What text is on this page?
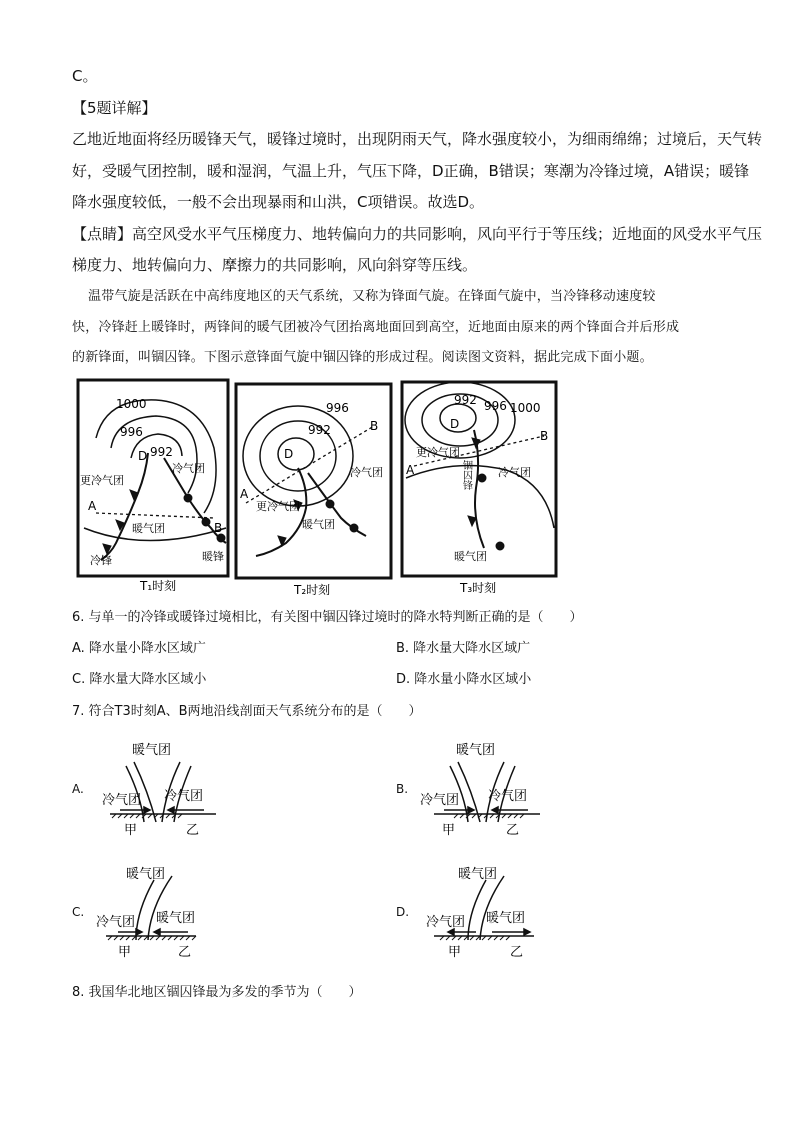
C。
【5题详解】
乙地近地面将经历暖锋天气，暖锋过境时，出现阴雨天气，降水强度较小，为细雨绵绵；过境后，天气转
好，受暖气团控制，暖和湿润，气温上升，气压下降，D正确，B错误；寒潮为冷锋过境，A错误；暖锋
降水强度较低，一般不会出现暴雨和山洪，C项错误。故选D。
【点睛】高空风受水平气压梯度力、地转偏向力的共同影响，风向平行于等压线；近地面的风受水平气压
梯度力、地转偏向力、摩擦力的共同影响，风向斜穿等压线。
温带气旋是活跃在中高纬度地区的天气系统，又称为锋面气旋。在锋面气旋中，当冷锋移动速度较
快，冷锋赶上暖锋时，两锋间的暖气团被冷气团抬离地面回到高空，近地面由原来的两个锋面合并后形成
的新锋面，叫锢囚锋。下图示意锋面气旋中锢囚锋的形成过程。阅读图文资料，据此完成下面小题。
1000
996
992
D
冷气团
更冷气团
A
暖气团	B
冷锋	暖锋
T₁时刻
996
992
D
B
冷气团
A
更冷气团
暖气团
T₂时刻
992 996 1000
D
B
更冷气团
A	冷气团
锢囚锋
暖气团
T₃时刻
6. 与单一的冷锋或暖锋过境相比，有关图中锢囚锋过境时的降水特判断正确的是（　　）
A. 降水量小降水区域广	B. 降水量大降水区域广
C. 降水量大降水区域小	D. 降水量小降水区域小
7. 符合T3时刻A、B两地沿线剖面天气系统分布的是（　　）
A.
暖气团
冷气团 冷气团
甲	乙
B.
暖气团
冷气团 冷气团
甲	乙
C.
暖气团
冷气团 暖气团
甲	乙
D.
暖气团
冷气团 暖气团
甲	乙
8. 我国华北地区锢囚锋最为多发的季节为（　　）
